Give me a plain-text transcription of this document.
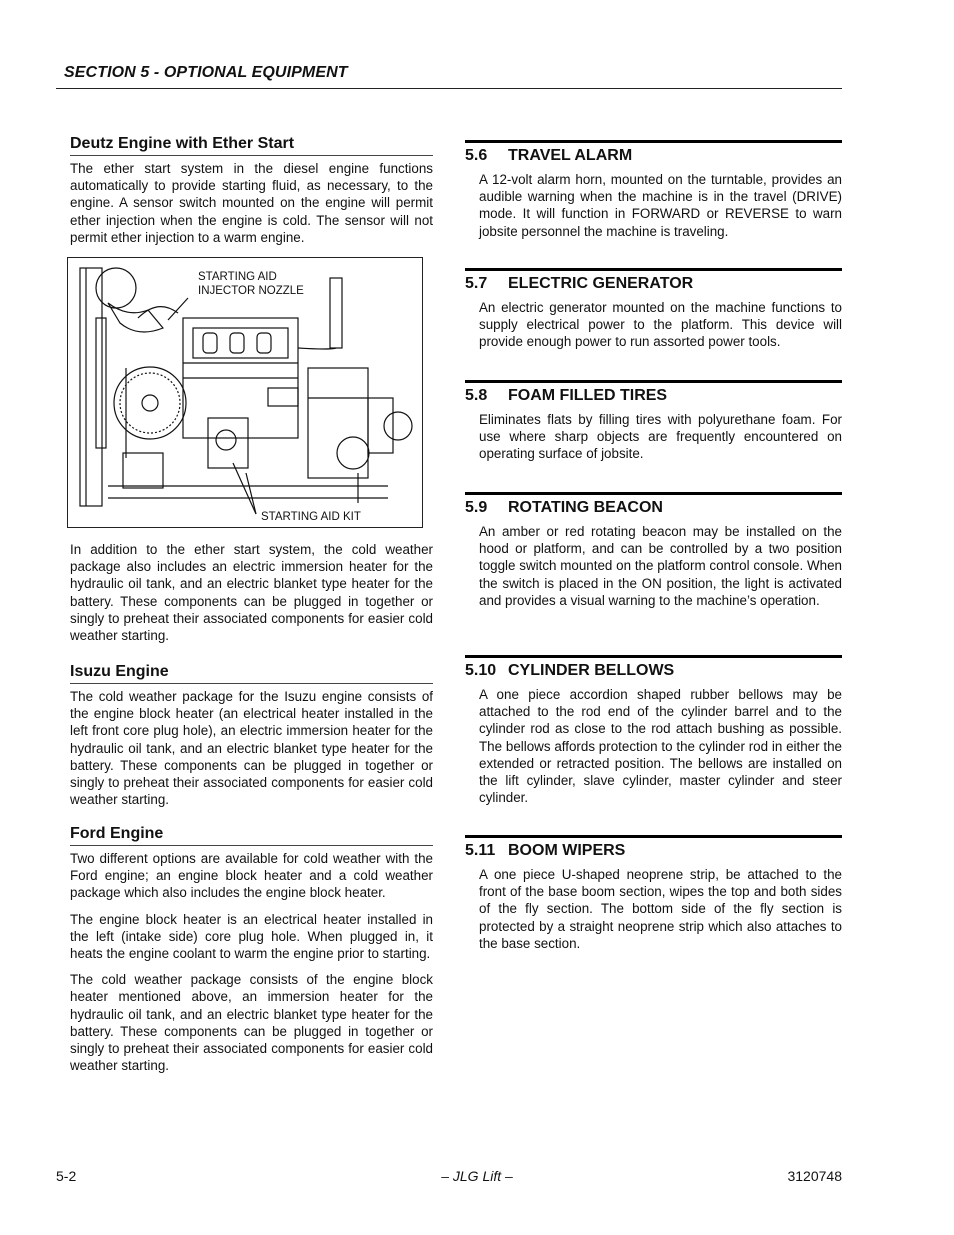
SECTION 5 - OPTIONAL EQUIPMENT
Deutz Engine with Ether Start

The ether start system in the diesel engine functions automatically to provide starting fluid, as necessary, to the engine. A sensor switch mounted on the engine will permit ether injection when the engine is cold. The sensor will not permit ether injection to a warm engine.

STARTING AID
INJECTOR NOZZLE
STARTING AID KIT

In addition to the ether start system, the cold weather package also includes an electric immersion heater for the hydraulic oil tank, and an electric blanket type heater for the battery. These components can be plugged in together or singly to preheat their associated components for easier cold weather starting.

Isuzu Engine

The cold weather package for the Isuzu engine consists of the engine block heater (an electrical heater installed in the left front core plug hole), an electric immersion heater for the hydraulic oil tank, and an electric blanket type heater for the battery. These components can be plugged in together or singly to preheat their associated components for easier cold weather starting.

Ford Engine

Two different options are available for cold weather with the Ford engine; an engine block heater and a cold weather package which also includes the engine block heater.

The engine block heater is an electrical heater installed in the left (intake side) core plug hole. When plugged in, it heats the engine coolant to warm the engine prior to starting.

The cold weather package consists of the engine block heater mentioned above, an immersion heater for the hydraulic oil tank, and an electric blanket type heater for the battery. These components can be plugged in together or singly to preheat their associated components for easier cold weather starting.

5.6 TRAVEL ALARM

A 12-volt alarm horn, mounted on the turntable, provides an audible warning when the machine is in the travel (DRIVE) mode. It will function in FORWARD or REVERSE to warn jobsite personnel the machine is traveling.

5.7 ELECTRIC GENERATOR

An electric generator mounted on the machine functions to supply electrical power to the platform. This device will provide enough power to run assorted power tools.

5.8 FOAM FILLED TIRES

Eliminates flats by filling tires with polyurethane foam. For use where sharp objects are frequently encountered on operating surface of jobsite.

5.9 ROTATING BEACON

An amber or red rotating beacon may be installed on the hood or platform, and can be controlled by a two position toggle switch mounted on the platform control console. When the switch is placed in the ON position, the light is activated and provides a visual warning to the machine’s operation.

5.10 CYLINDER BELLOWS

A one piece accordion shaped rubber bellows may be attached to the rod end of the cylinder barrel and to the cylinder rod as close to the rod attach bushing as possible. The bellows affords protection to the cylinder rod in either the extended or retracted position. The bellows are installed on the lift cylinder, slave cylinder, master cylinder and steer cylinder.

5.11 BOOM WIPERS

A one piece U-shaped neoprene strip, be attached to the front of the base boom section, wipes the top and both sides of the fly section. The bottom side of the fly section is protected by a straight neoprene strip which also attaches to the base section.

5-2	– JLG Lift –	3120748
